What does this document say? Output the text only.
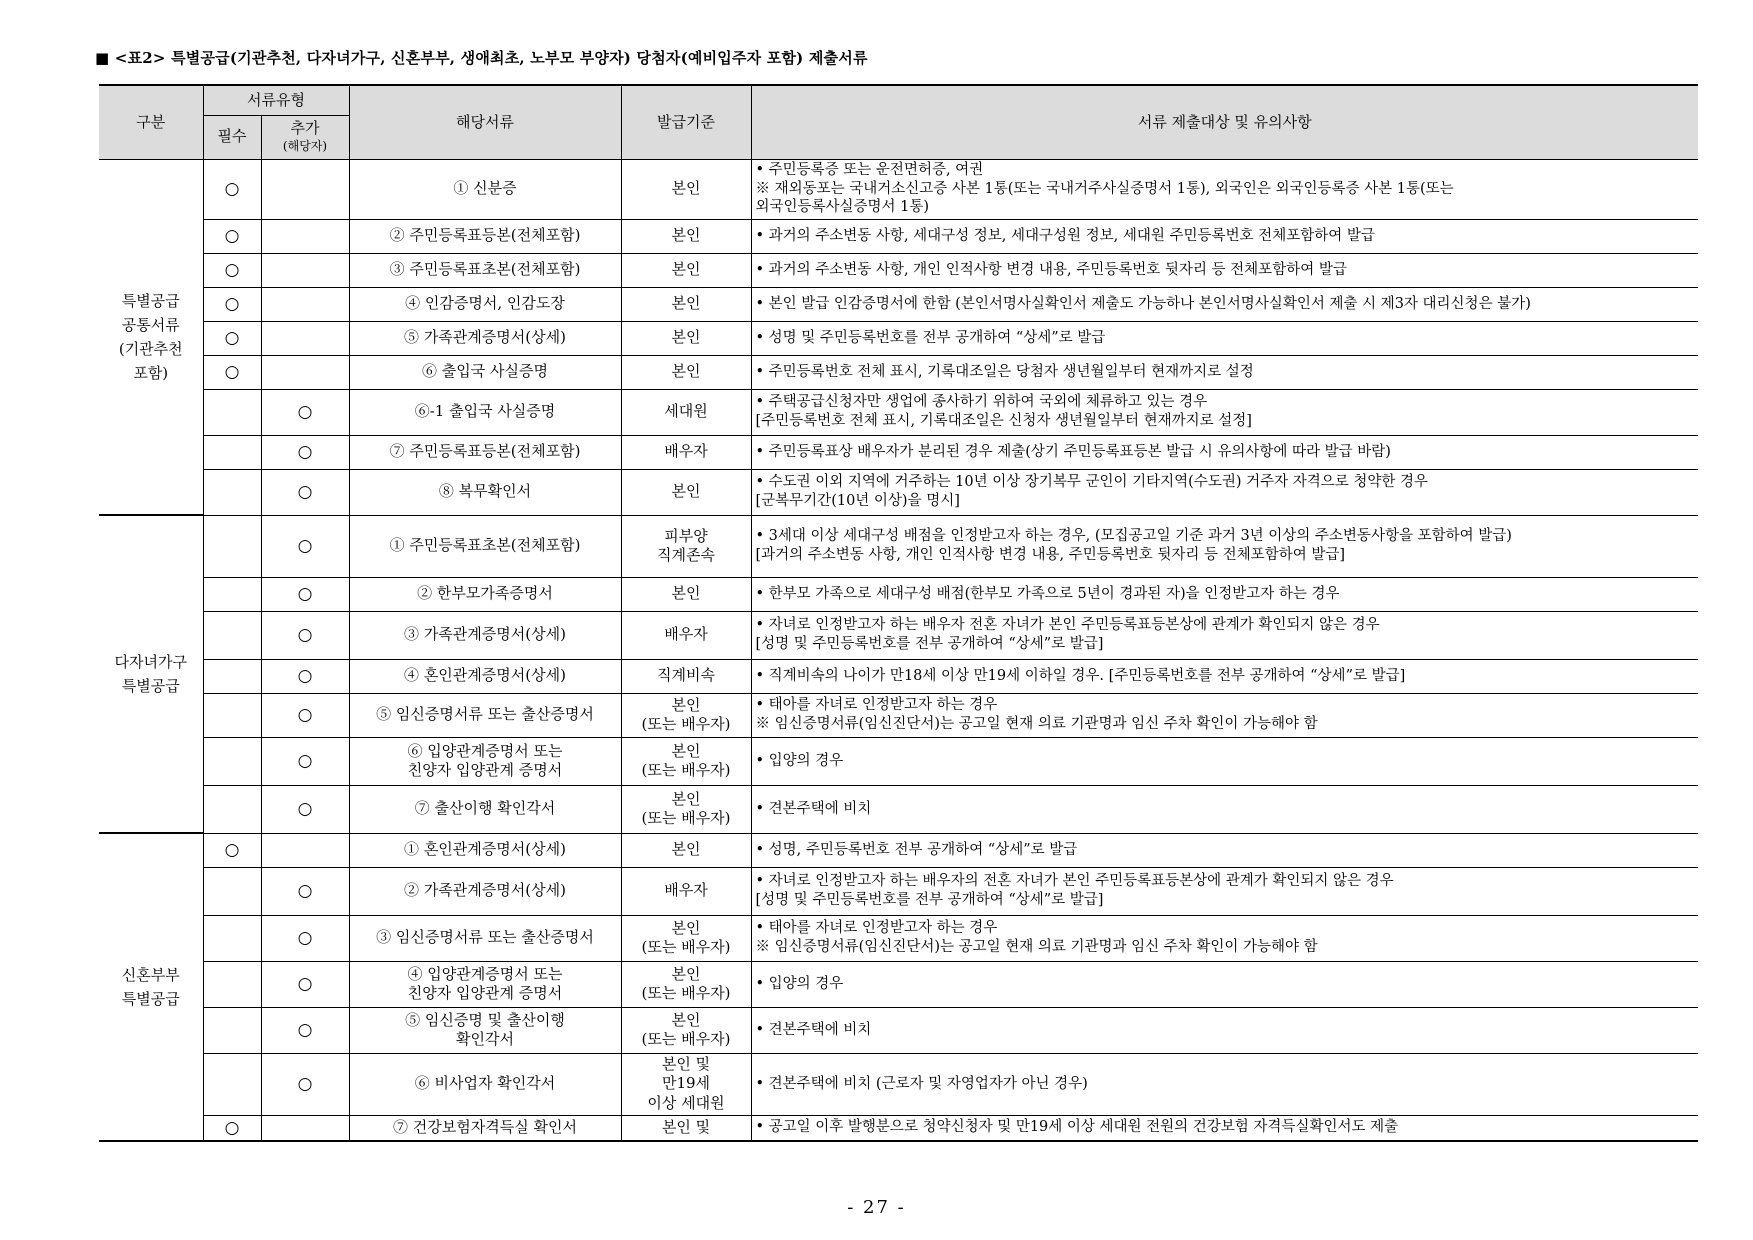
■ <표2> 특별공급(기관추천, 다자녀가구, 신혼부부, 생애최초, 노부모 부양자) 당첨자(예비입주자 포함) 제출서류
구분	서류유형		해당서류	발급기준	서류 제출대상 및 유의사항
	필수	추가
(해당자)			

특별공급
공통서류
(기관추천
포함)	○		① 신분증	본인	• 주민등록증 또는 운전면허증, 여권
※ 재외동포는 국내거소신고증 사본 1통(또는 국내거주사실증명서 1통), 외국인은 외국인등록증 사본 1통(또는
외국인등록사실증명서 1통)
	○		② 주민등록표등본(전체포함)	본인	• 과거의 주소변동 사항, 세대구성 정보, 세대구성원 정보, 세대원 주민등록번호 전체포함하여 발급
	○		③ 주민등록표초본(전체포함)	본인	• 과거의 주소변동 사항, 개인 인적사항 변경 내용, 주민등록번호 뒷자리 등 전체포함하여 발급
	○		④ 인감증명서, 인감도장	본인	• 본인 발급 인감증명서에 한함 (본인서명사실확인서 제출도 가능하나 본인서명사실확인서 제출 시 제3자 대리신청은 불가)
	○		⑤ 가족관계증명서(상세)	본인	• 성명 및 주민등록번호를 전부 공개하여 “상세”로 발급
	○		⑥ 출입국 사실증명	본인	• 주민등록번호 전체 표시, 기록대조일은 당첨자 생년월일부터 현재까지로 설정
		○	⑥-1 출입국 사실증명	세대원	• 주택공급신청자만 생업에 종사하기 위하여 국외에 체류하고 있는 경우
[주민등록번호 전체 표시, 기록대조일은 신청자 생년월일부터 현재까지로 설정]
		○	⑦ 주민등록표등본(전체포함)	배우자	• 주민등록표상 배우자가 분리된 경우 제출(상기 주민등록표등본 발급 시 유의사항에 따라 발급 바람)
		○	⑧ 복무확인서	본인	• 수도권 이외 지역에 거주하는 10년 이상 장기복무 군인이 기타지역(수도권) 거주자 자격으로 청약한 경우
[군복무기간(10년 이상)을 명시]
다자녀가구
특별공급		○	① 주민등록표초본(전체포함)	피부양
직계존속	• 3세대 이상 세대구성 배점을 인정받고자 하는 경우, (모집공고일 기준 과거 3년 이상의 주소변동사항을 포함하여 발급)
[과거의 주소변동 사항, 개인 인적사항 변경 내용, 주민등록번호 뒷자리 등 전체포함하여 발급]
		○	② 한부모가족증명서	본인	• 한부모 가족으로 세대구성 배점(한부모 가족으로 5년이 경과된 자)을 인정받고자 하는 경우
		○	③ 가족관계증명서(상세)	배우자	• 자녀로 인정받고자 하는 배우자 전혼 자녀가 본인 주민등록표등본상에 관계가 확인되지 않은 경우
[성명 및 주민등록번호를 전부 공개하여 “상세”로 발급]
		○	④ 혼인관계증명서(상세)	직계비속	• 직계비속의 나이가 만18세 이상 만19세 이하일 경우. [주민등록번호를 전부 공개하여 “상세”로 발급]
		○	⑤ 임신증명서류 또는 출산증명서	본인
(또는 배우자)	• 태아를 자녀로 인정받고자 하는 경우
※ 임신증명서류(임신진단서)는 공고일 현재 의료 기관명과 임신 주차 확인이 가능해야 함
		○	⑥ 입양관계증명서 또는
친양자 입양관계 증명서	본인
(또는 배우자)	• 입양의 경우
		○	⑦ 출산이행 확인각서	본인
(또는 배우자)	• 견본주택에 비치
신혼부부
특별공급	○		① 혼인관계증명서(상세)	본인	• 성명, 주민등록번호 전부 공개하여 “상세”로 발급
		○	② 가족관계증명서(상세)	배우자	• 자녀로 인정받고자 하는 배우자의 전혼 자녀가 본인 주민등록표등본상에 관계가 확인되지 않은 경우
[성명 및 주민등록번호를 전부 공개하여 “상세”로 발급]
		○	③ 임신증명서류 또는 출산증명서	본인
(또는 배우자)	• 태아를 자녀로 인정받고자 하는 경우
※ 임신증명서류(임신진단서)는 공고일 현재 의료 기관명과 임신 주차 확인이 가능해야 함
		○	④ 입양관계증명서 또는
친양자 입양관계 증명서	본인
(또는 배우자)	• 입양의 경우
		○	⑤ 임신증명 및 출산이행
확인각서	본인
(또는 배우자)	• 견본주택에 비치
		○	⑥ 비사업자 확인각서	본인 및
만19세
이상 세대원	• 견본주택에 비치 (근로자 및 자영업자가 아닌 경우)
	○		⑦ 건강보험자격득실 확인서	본인 및	• 공고일 이후 발행분으로 청약신청자 및 만19세 이상 세대원 전원의 건강보험 자격득실확인서도 제출
- 27 -
